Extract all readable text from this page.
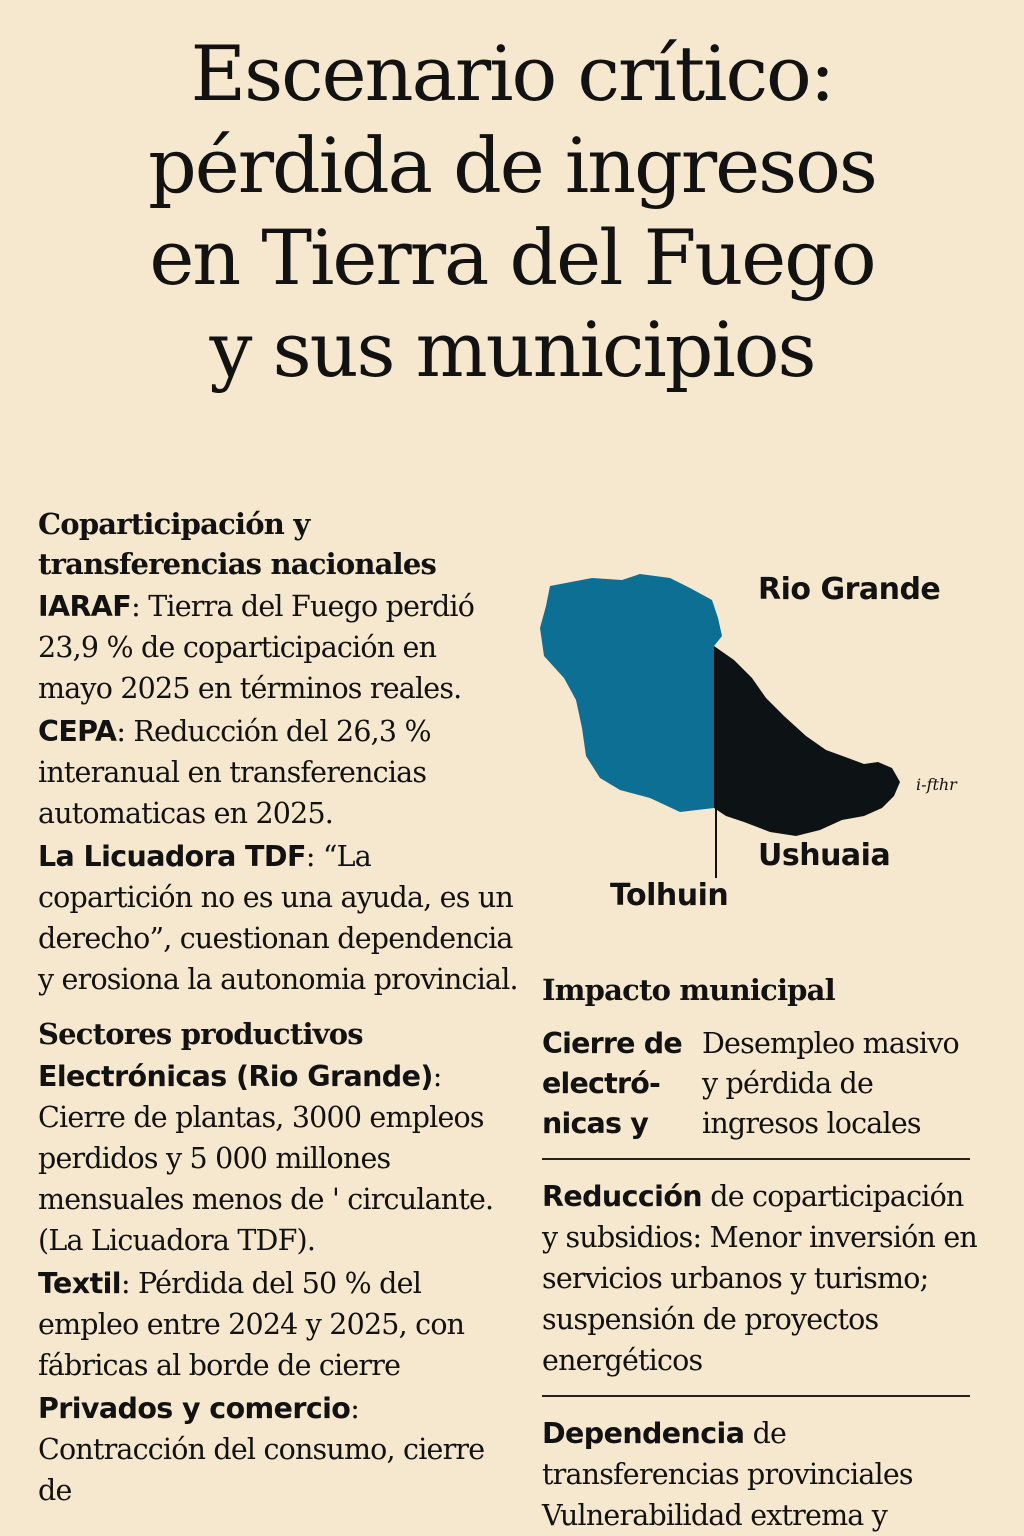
Escenario crítico:
pérdida de ingresos
en Tierra del Fuego
y sus municipios
Coparticipación y transferencias nacionales
IARAF: Tierra del Fuego perdió 23,9 % de coparticipación en mayo 2025 en términos reales.
CEPA: Reducción del 26,3 % interanual en transferencias automaticas en 2025.
La Licuadora TDF: “La copartición no es una ayuda, es un derecho”, cuestionan dependencia y erosiona la autonomia provincial.
Sectores productivos
Electrónicas (Rio Grande): Cierre de plantas, 3000 empleos perdidos y 5 000 millones mensuales menos de ' circulante. (La Licuadora TDF).
Textil: Pérdida del 50 % del empleo entre 2024 y 2025, con fábricas al borde de cierre
Privados y comercio: Contracción del consumo, cierre de
i-fthr
Rio Grande
Ushuaia
Tolhuin
Impacto municipal
Cierre de electró-nicas y
Desempleo masivo y pérdida de ingresos locales
Reducción de coparticipación y subsidios: Menor inversión en servicios urbanos y turismo; suspensión de proyectos energéticos
Dependencia de transferencias provinciales Vulnerabilidad extrema y
